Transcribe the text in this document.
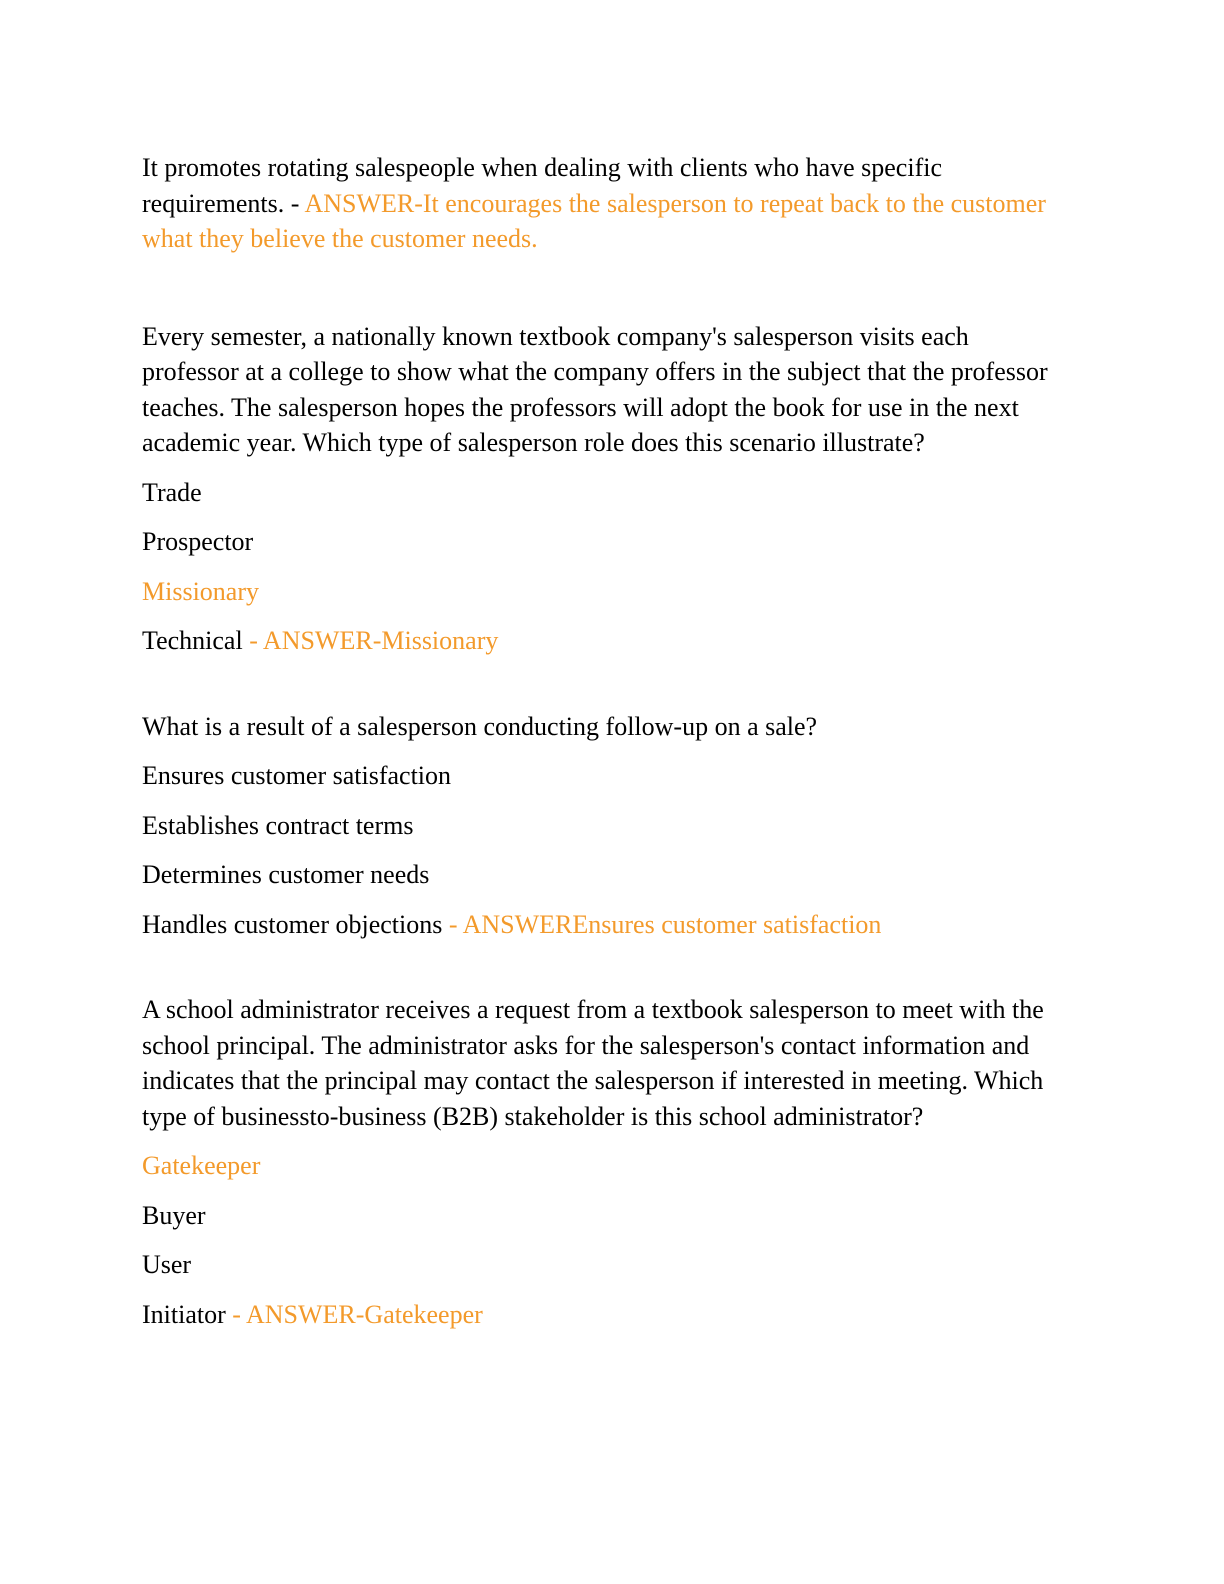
It promotes rotating salespeople when dealing with clients who have specific requirements. - ANSWER-It encourages the salesperson to repeat back to the customer what they believe the customer needs.

Every semester, a nationally known textbook company's salesperson visits each professor at a college to show what the company offers in the subject that the professor teaches. The salesperson hopes the professors will adopt the book for use in the next academic year. Which type of salesperson role does this scenario illustrate?

Trade

Prospector

Missionary

Technical - ANSWER-Missionary

What is a result of a salesperson conducting follow-up on a sale?

Ensures customer satisfaction

Establishes contract terms

Determines customer needs

Handles customer objections - ANSWEREnsures customer satisfaction

A school administrator receives a request from a textbook salesperson to meet with the school principal. The administrator asks for the salesperson's contact information and indicates that the principal may contact the salesperson if interested in meeting. Which type of businessto-business (B2B) stakeholder is this school administrator?

Gatekeeper

Buyer

User

Initiator - ANSWER-Gatekeeper
